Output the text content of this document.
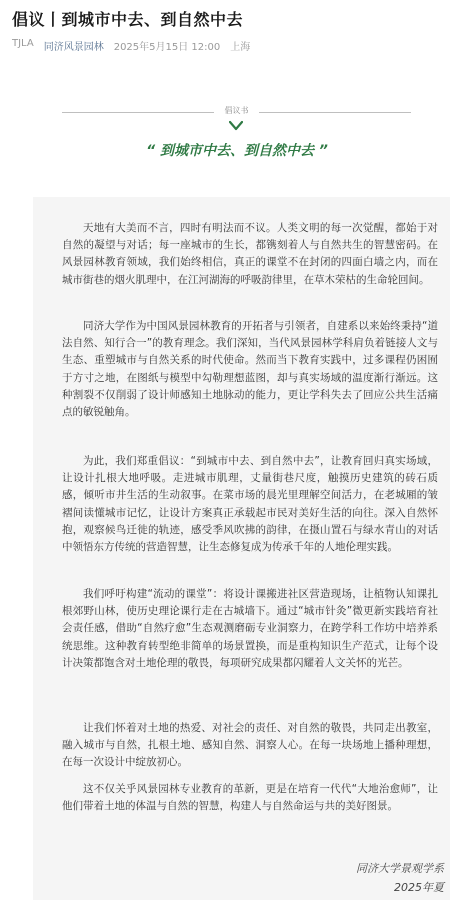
倡议丨到城市中去、到自然中去
TJLA 同济风景园林 2025年5月15日 12:00 上海
倡议书
“ 到城市中去、到自然中去 ”

天地有大美而不言，四时有明法而不议。人类文明的每一次觉醒，都始于对自然的凝望与对话；每一座城市的生长，都镌刻着人与自然共生的智慧密码。在风景园林教育领域，我们始终相信，真正的课堂不在封闭的四面白墙之内，而在城市街巷的烟火肌理中，在江河湖海的呼吸韵律里，在草木荣枯的生命轮回间。

同济大学作为中国风景园林教育的开拓者与引领者，自建系以来始终秉持“道法自然、知行合一”的教育理念。我们深知，当代风景园林学科肩负着链接人文与生态、重塑城市与自然关系的时代使命。然而当下教育实践中，过多课程仍困囿于方寸之地，在图纸与模型中勾勒理想蓝图，却与真实场域的温度渐行渐远。这种割裂不仅削弱了设计师感知土地脉动的能力，更让学科失去了回应公共生活痛点的敏锐触角。

为此，我们郑重倡议：“到城市中去、到自然中去”，让教育回归真实场域，让设计扎根大地呼吸。走进城市肌理，丈量街巷尺度，触摸历史建筑的砖石质感，倾听市井生活的生动叙事。在菜市场的晨光里理解空间活力，在老城厢的皱褶间读懂城市记忆，让设计方案真正承载起市民对美好生活的向往。深入自然怀抱，观察候鸟迁徙的轨迹，感受季风吹拂的韵律，在摄山置石与绿水青山的对话中领悟东方传统的营造智慧，让生态修复成为传承千年的人地伦理实践。

我们呼吁构建“流动的课堂”：将设计课搬进社区营造现场，让植物认知课扎根郊野山林，使历史理论课行走在古城墙下。通过“城市针灸”微更新实践培育社会责任感，借助“自然疗愈”生态观测磨砺专业洞察力，在跨学科工作坊中培养系统思维。这种教育转型绝非简单的场景置换，而是重构知识生产范式，让每个设计决策都饱含对土地伦理的敬畏，每项研究成果都闪耀着人文关怀的光芒。

让我们怀着对土地的热爱、对社会的责任、对自然的敬畏，共同走出教室，融入城市与自然，扎根土地、感知自然、洞察人心。在每一块场地上播种理想，在每一次设计中绽放初心。

这不仅关乎风景园林专业教育的革新，更是在培育一代代“大地治愈师”，让他们带着土地的体温与自然的智慧，构建人与自然命运与共的美好图景。

同济大学景观学系
2025年夏
